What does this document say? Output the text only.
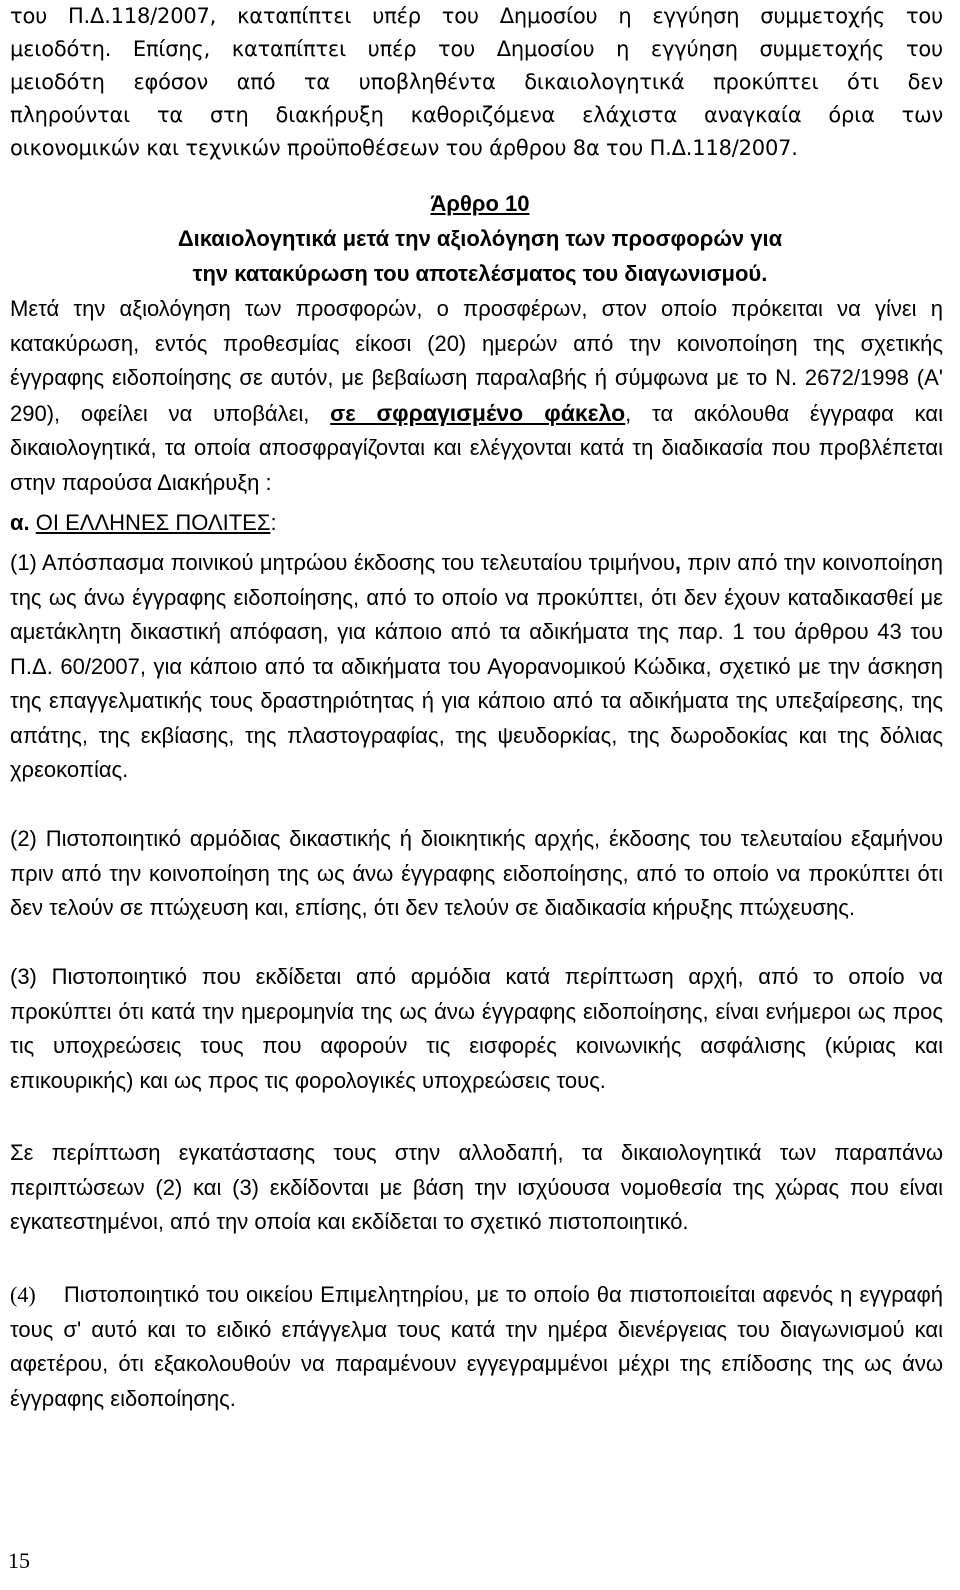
του Π.Δ.118/2007, καταπίπτει υπέρ του Δημοσίου η εγγύηση συμμετοχής του

μειοδότη. Επίσης, καταπίπτει υπέρ του Δημοσίου η εγγύηση συμμετοχής του

μειοδότη εφόσον από τα υποβληθέντα δικαιολογητικά προκύπτει ότι δεν

πληρούνται τα στη διακήρυξη καθοριζόμενα ελάχιστα αναγκαία όρια των

οικονομικών και τεχνικών προϋποθέσεων του άρθρου 8α του Π.Δ.118/2007.

Άρθρο 10
Δικαιολογητικά μετά την αξιολόγηση των προσφορών για
την κατακύρωση του αποτελέσματος του διαγωνισμού.

Μετά την αξιολόγηση των προσφορών, ο προσφέρων, στον οποίο πρόκειται να γίνει η κατακύρωση, εντός προθεσμίας είκοσι (20) ημερών από την κοινοποίηση της σχετικής έγγραφης ειδοποίησης σε αυτόν, με βεβαίωση παραλαβής ή σύμφωνα με το Ν. 2672/1998 (Α' 290), οφείλει να υποβάλει, σε σφραγισμένο φάκελο, τα ακόλουθα έγγραφα και δικαιολογητικά, τα οποία αποσφραγίζονται και ελέγχονται κατά τη διαδικασία που προβλέπεται στην παρούσα Διακήρυξη :

α. ΟΙ ΕΛΛΗΝΕΣ ΠΟΛΙΤΕΣ:

(1) Απόσπασμα ποινικού μητρώου έκδοσης του τελευταίου τριμήνου, πριν από την κοινοποίηση της ως άνω έγγραφης ειδοποίησης, από το οποίο να προκύπτει, ότι δεν έχουν καταδικασθεί με αμετάκλητη δικαστική απόφαση, για κάποιο από τα αδικήματα της παρ. 1 του άρθρου 43 του Π.Δ. 60/2007, για κάποιο από τα αδικήματα του Αγορανομικού Κώδικα, σχετικό με την άσκηση της επαγγελματικής τους δραστηριότητας ή για κάποιο από τα αδικήματα της υπεξαίρεσης, της απάτης, της εκβίασης, της πλαστογραφίας, της ψευδορκίας, της δωροδοκίας και της δόλιας χρεοκοπίας.

(2) Πιστοποιητικό αρμόδιας δικαστικής ή διοικητικής αρχής, έκδοσης του τελευταίου εξαμήνου πριν από την κοινοποίηση της ως άνω έγγραφης ειδοποίησης, από το οποίο να προκύπτει ότι δεν τελούν σε πτώχευση και, επίσης, ότι δεν τελούν σε διαδικασία κήρυξης πτώχευσης.

(3) Πιστοποιητικό που εκδίδεται από αρμόδια κατά περίπτωση αρχή, από το οποίο να προκύπτει ότι κατά την ημερομηνία της ως άνω έγγραφης ειδοποίησης, είναι ενήμεροι ως προς τις υποχρεώσεις τους που αφορούν τις εισφορές κοινωνικής ασφάλισης (κύριας και επικουρικής) και ως προς τις φορολογικές υποχρεώσεις τους.

Σε περίπτωση εγκατάστασης τους στην αλλοδαπή, τα δικαιολογητικά των παραπάνω περιπτώσεων (2) και (3) εκδίδονται με βάση την ισχύουσα νομοθεσία της χώρας που είναι εγκατεστημένοι, από την οποία και εκδίδεται το σχετικό πιστοποιητικό.

(4)    Πιστοποιητικό του οικείου Επιμελητηρίου, με το οποίο θα πιστοποιείται αφενός η εγγραφή τους σ' αυτό και το ειδικό επάγγελμα τους κατά την ημέρα διενέργειας του διαγωνισμού και αφετέρου, ότι εξακολουθούν να παραμένουν εγγεγραμμένοι μέχρι της επίδοσης της ως άνω έγγραφης ειδοποίησης.

15
